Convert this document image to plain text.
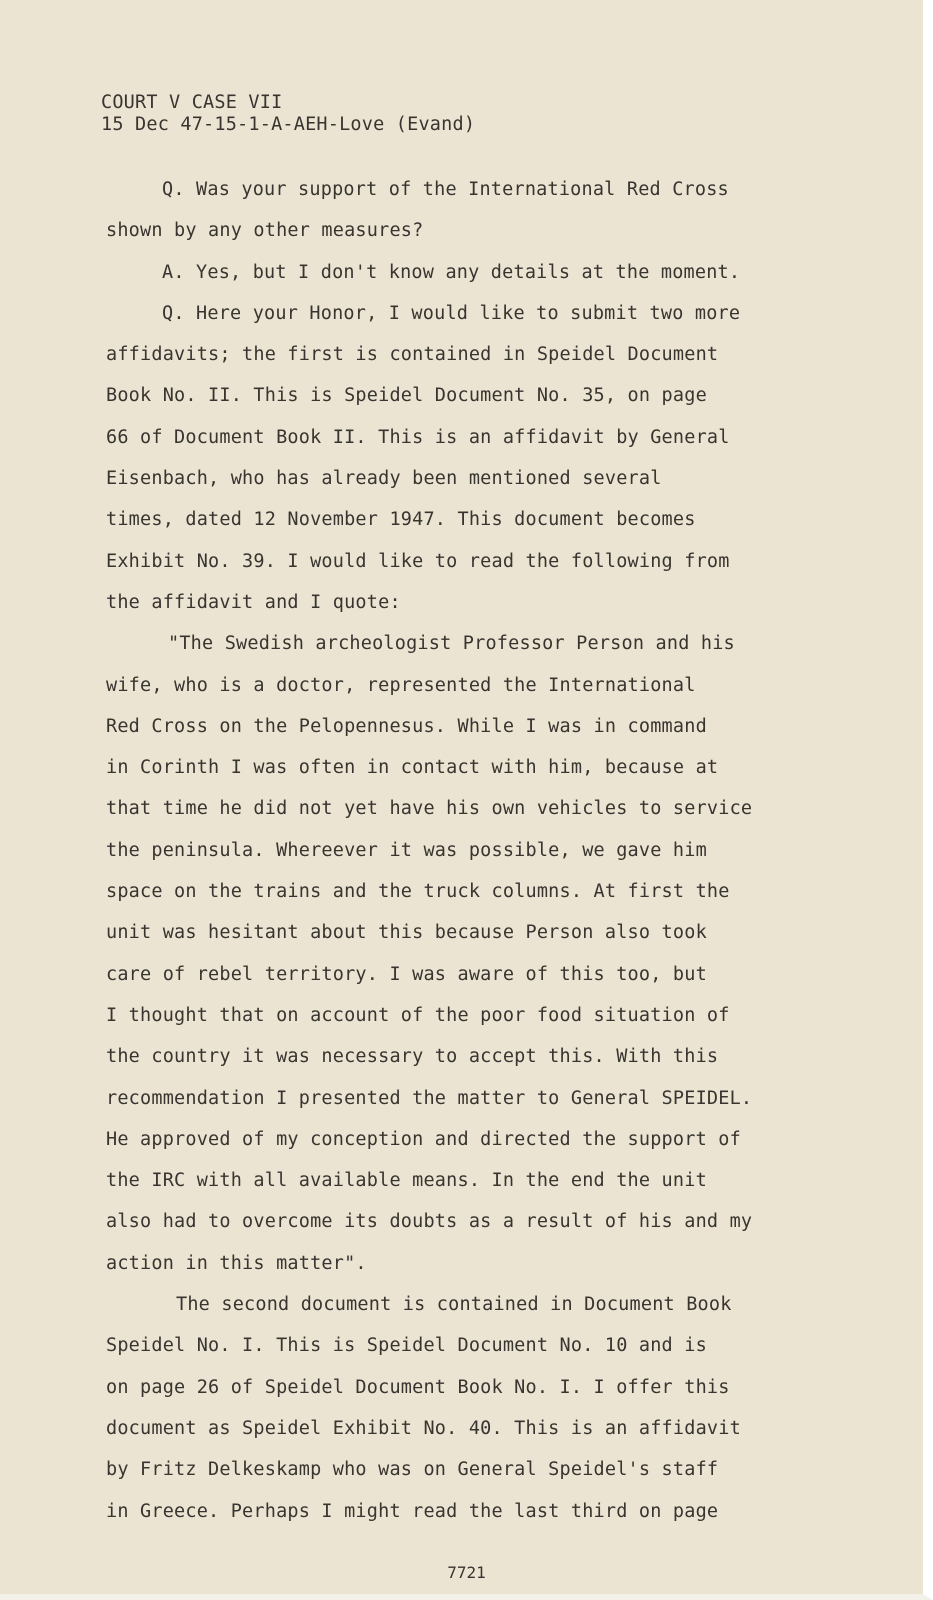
COURT V CASE VII
15 Dec 47-15-1-A-AEH-Love (Evand)
Q. Was your support of the International Red Cross
shown by any other measures?
A. Yes, but I don't know any details at the moment.
Q. Here your Honor, I would like to submit two more
affidavits; the first is contained in Speidel Document
Book No. II. This is Speidel Document No. 35, on page
66 of Document Book II. This is an affidavit by General
Eisenbach, who has already been mentioned several
times, dated 12 November 1947. This document becomes
Exhibit No. 39. I would like to read the following from
the affidavit and I quote:
"The Swedish archeologist Professor Person and his
wife, who is a doctor, represented the International
Red Cross on the Pelopennesus. While I was in command
in Corinth I was often in contact with him, because at
that time he did not yet have his own vehicles to service
the peninsula. Whereever it was possible, we gave him
space on the trains and the truck columns. At first the
unit was hesitant about this because Person also took
care of rebel territory. I was aware of this too, but
I thought that on account of the poor food situation of
the country it was necessary to accept this. With this
recommendation I presented the matter to General SPEIDEL.
He approved of my conception and directed the support of
the IRC with all available means. In the end the unit
also had to overcome its doubts as a result of his and my
action in this matter".
The second document is contained in Document Book
Speidel No. I. This is Speidel Document No. 10 and is
on page 26 of Speidel Document Book No. I. I offer this
document as Speidel Exhibit No. 40. This is an affidavit
by Fritz Delkeskamp who was on General Speidel's staff
in Greece. Perhaps I might read the last third on page
7721
